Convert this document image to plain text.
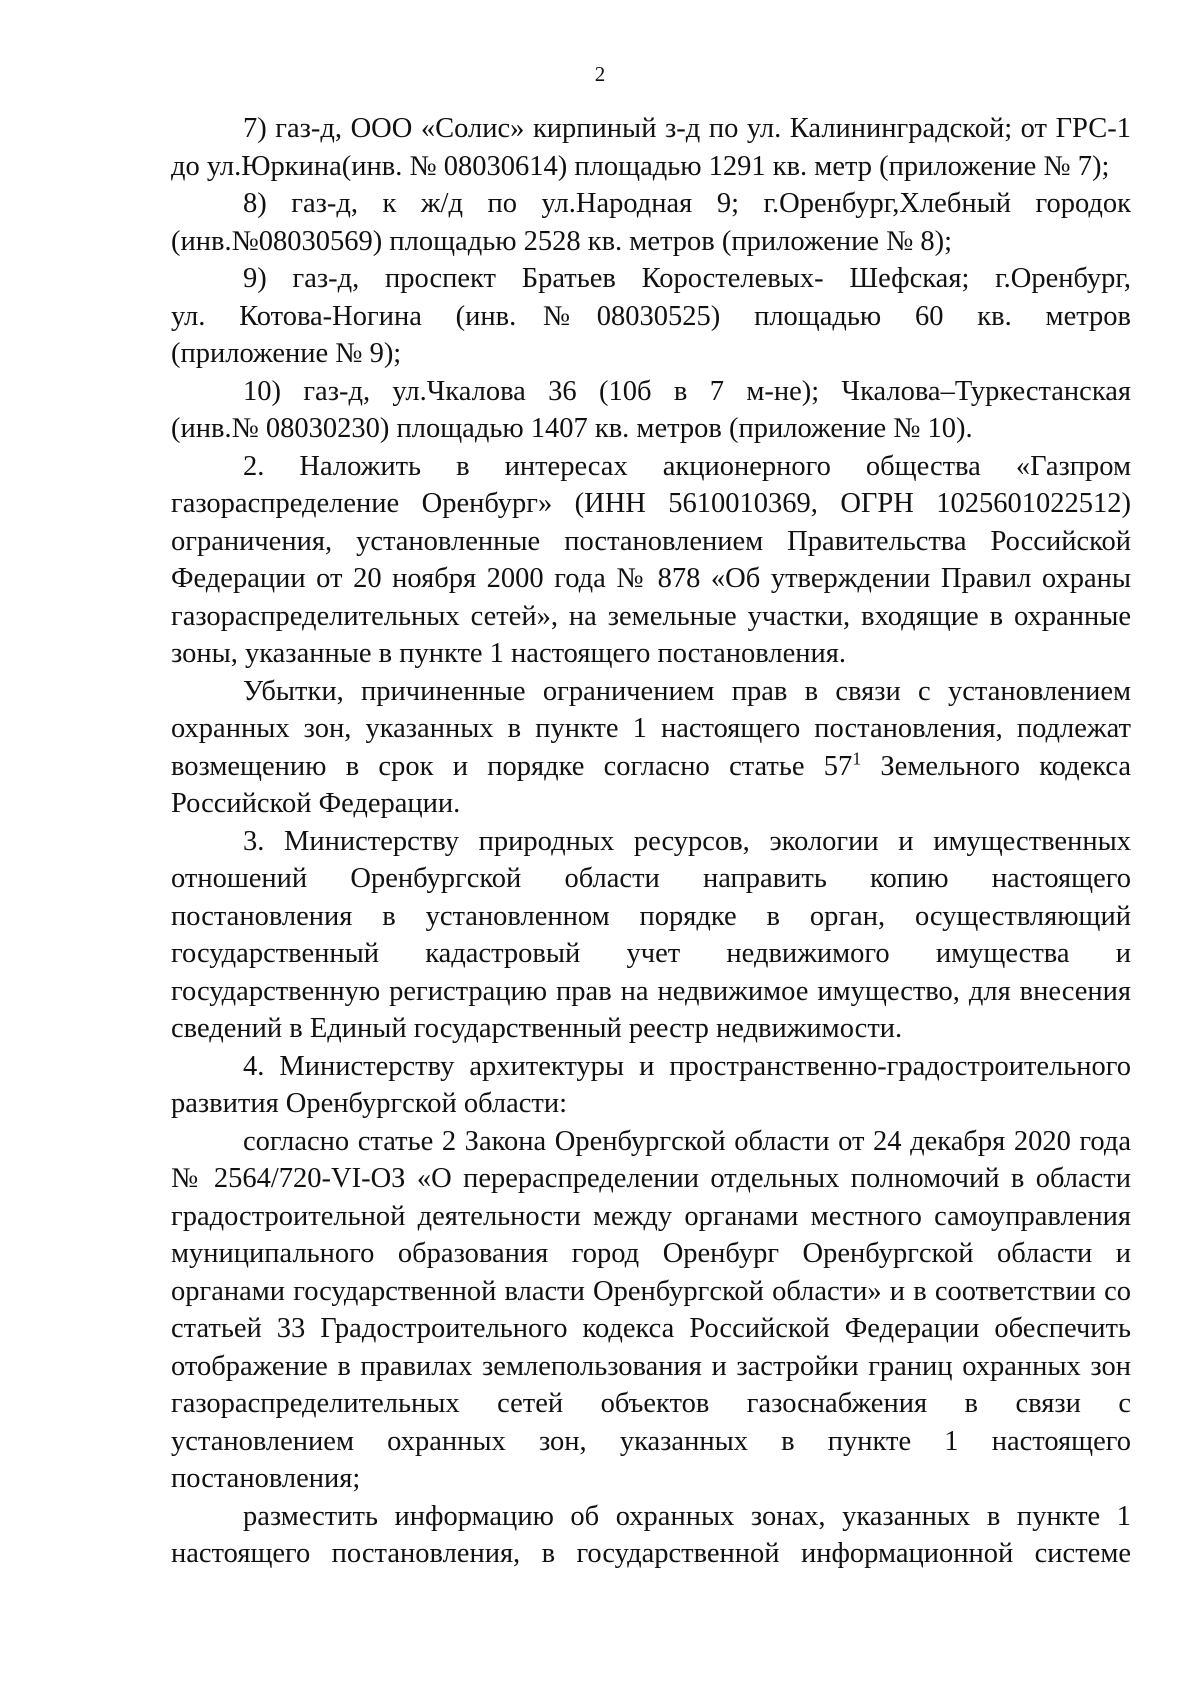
2
7) газ-д, ООО «Солис» кирпиный з-д по ул. Калининградской; от ГРС-1
до ул.Юркина(инв. № 08030614) площадью 1291 кв. метр (приложение № 7);
8) газ-д, к ж/д по ул.Народная 9; г.Оренбург,Хлебный городок
(инв.№08030569) площадью 2528 кв. метров (приложение № 8);
9) газ-д, проспект Братьев Коростелевых- Шефская; г.Оренбург,
ул. Котова-Ногина (инв.№08030525) площадью 60 кв. метров
(приложение № 9);
10) газ-д, ул.Чкалова 36 (10б в 7 м-не); Чкалова–Туркестанская
(инв.№ 08030230) площадью 1407 кв. метров (приложение № 10).
2. Наложить в интересах акционерного общества «Газпром
газораспределение Оренбург» (ИНН 5610010369, ОГРН 1025601022512)
ограничения, установленные постановлением Правительства Российской
Федерации от 20 ноября 2000 года № 878 «Об утверждении Правил охраны
газораспределительных сетей», на земельные участки, входящие в охранные
зоны, указанные в пункте 1 настоящего постановления.
Убытки, причиненные ограничением прав в связи с установлением
охранных зон, указанных в пункте 1 настоящего постановления, подлежат
возмещению в срок и порядке согласно статье $57^1$ Земельного кодекса
Российской Федерации.
3. Министерству природных ресурсов, экологии и имущественных
отношений Оренбургской области направить копию настоящего
постановления в установленном порядке в орган, осуществляющий
государственный кадастровый учет недвижимого имущества и
государственную регистрацию прав на недвижимое имущество, для внесения
сведений в Единый государственный реестр недвижимости.
4. Министерству архитектуры и пространственно-градостроительного
развития Оренбургской области:
согласно статье 2 Закона Оренбургской области от 24 декабря 2020 года
№ 2564/720-VI-ОЗ «О перераспределении отдельных полномочий в области
градостроительной деятельности между органами местного самоуправления
муниципального образования город Оренбург Оренбургской области и
органами государственной власти Оренбургской области» и в соответствии со
статьей 33 Градостроительного кодекса Российской Федерации обеспечить
отображение в правилах землепользования и застройки границ охранных зон
газораспределительных сетей объектов газоснабжения в связи с
установлением охранных зон, указанных в пункте 1 настоящего
постановления;
разместить информацию об охранных зонах, указанных в пункте 1
настоящего постановления, в государственной информационной системе
